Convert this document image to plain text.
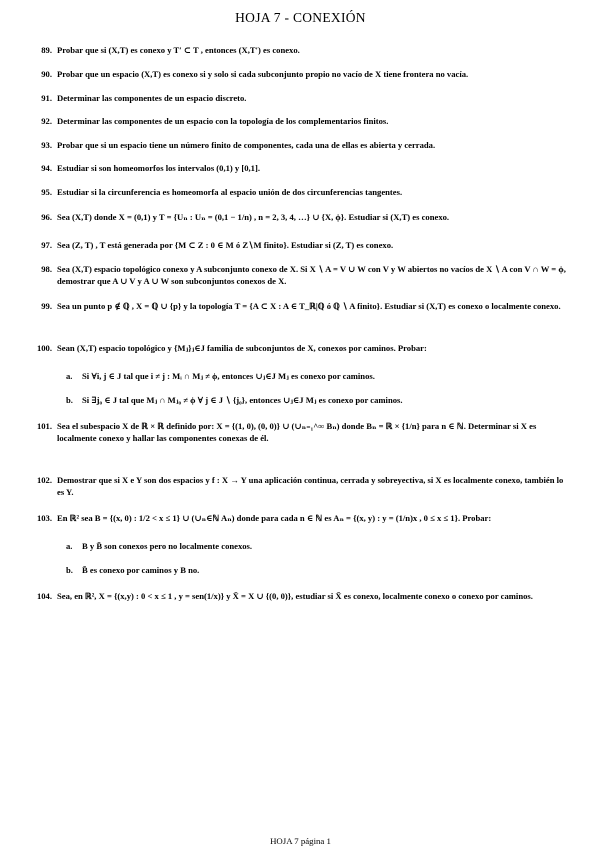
HOJA 7 - CONEXIÓN
89. Probar que si (X,T) es conexo y T′ ⊂ T , entonces (X,T′) es conexo.
90. Probar que un espacio (X,T) es conexo si y solo si cada subconjunto propio no vacío de X tiene frontera no vacía.
91. Determinar las componentes de un espacio discreto.
92. Determinar las componentes de un espacio con la topología de los complementarios finitos.
93. Probar que si un espacio tiene un número finito de componentes, cada una de ellas es abierta y cerrada.
94. Estudiar si son homeomorfos los intervalos (0,1) y [0,1].
95. Estudiar si la circunferencia es homeomorfa al espacio unión de dos circunferencias tangentes.
96. Sea (X,T) donde X = (0,1) y T = {Uₙ : Uₙ = (0,1 − 1/n) , n = 2, 3, 4, …} ∪ {X, ϕ}. Estudiar si (X,T) es conexo.
97. Sea (Z, T) , T está generada por {M ⊂ Z : 0 ∈ M ó Z∖M finito}. Estudiar si (Z, T) es conexo.
98. Sea (X,T) espacio topológico conexo y A subconjunto conexo de X. Si X ∖ A = V ∪ W con V y W abiertos no vacíos de X ∖ A con V ∩ W = ϕ, demostrar que A ∪ V y A ∪ W son subconjuntos conexos de X.
99. Sea un punto p ∉ ℚ , X = ℚ ∪ {p} y la topología T = {A ⊂ X : A ∈ T_ℝ|ℚ ó ℚ ∖ A finito}. Estudiar si (X,T) es conexo o localmente conexo.
100. Sean (X,T) espacio topológico y {Mⱼ}ⱼ∈J familia de subconjuntos de X, conexos por caminos. Probar:
a. Si ∀i, j ∈ J tal que i ≠ j : Mᵢ ∩ Mⱼ ≠ ϕ, entonces ∪ⱼ∈J Mⱼ es conexo por caminos.
b. Si ∃j₀ ∈ J tal que Mⱼ ∩ Mⱼ₀ ≠ ϕ ∀ j ∈ J ∖ {j₀}, entonces ∪ⱼ∈J Mⱼ es conexo por caminos.
101. Sea el subespacio X de ℝ × ℝ definido por: X = {(1, 0), (0, 0)} ∪ (∪ₙ₌₁^∞ Bₙ) donde Bₙ = ℝ × {1/n} para n ∈ ℕ. Determinar si X es localmente conexo y hallar las componentes conexas de él.
102. Demostrar que si X e Y son dos espacios y f : X → Y una aplicación continua, cerrada y sobreyectiva, si X es localmente conexo, también lo es Y.
103. En ℝ² sea B = {(x, 0) : 1/2 < x ≤ 1} ∪ (∪ₙ∈ℕ Aₙ) donde para cada n ∈ ℕ es Aₙ = {(x, y) : y = (1/n)x , 0 ≤ x ≤ 1}. Probar:
a. B y B̄ son conexos pero no localmente conexos.
b. B̄ es conexo por caminos y B no.
104. Sea, en ℝ², X = {(x,y) : 0 < x ≤ 1 , y = sen(1/x)} y X̄ = X ∪ {(0, 0)}, estudiar si X̄ es conexo, localmente conexo o conexo por caminos.
HOJA 7 página 1
